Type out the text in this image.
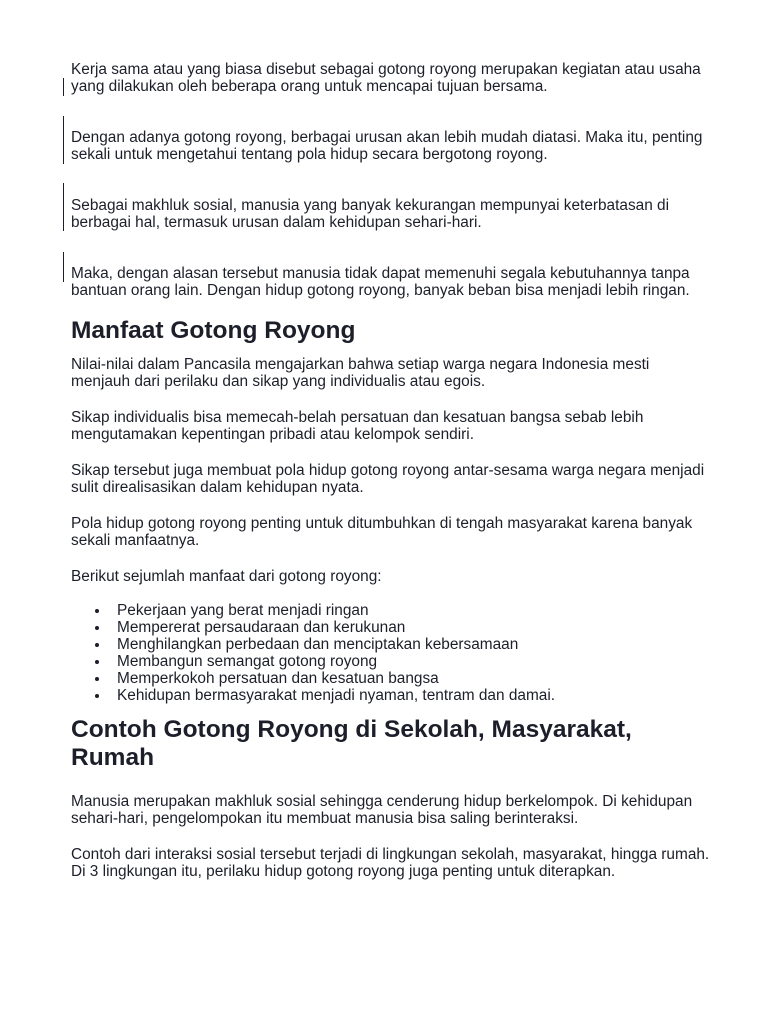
Kerja sama atau yang biasa disebut sebagai gotong royong merupakan kegiatan atau usaha yang dilakukan oleh beberapa orang untuk mencapai tujuan bersama.

Dengan adanya gotong royong, berbagai urusan akan lebih mudah diatasi. Maka itu, penting sekali untuk mengetahui tentang pola hidup secara bergotong royong.

Sebagai makhluk sosial, manusia yang banyak kekurangan mempunyai keterbatasan di berbagai hal, termasuk urusan dalam kehidupan sehari-hari.

Maka, dengan alasan tersebut manusia tidak dapat memenuhi segala kebutuhannya tanpa bantuan orang lain. Dengan hidup gotong royong, banyak beban bisa menjadi lebih ringan.

Manfaat Gotong Royong

Nilai-nilai dalam Pancasila mengajarkan bahwa setiap warga negara Indonesia mesti menjauh dari perilaku dan sikap yang individualis atau egois.

Sikap individualis bisa memecah-belah persatuan dan kesatuan bangsa sebab lebih mengutamakan kepentingan pribadi atau kelompok sendiri.

Sikap tersebut juga membuat pola hidup gotong royong antar-sesama warga negara menjadi sulit direalisasikan dalam kehidupan nyata.

Pola hidup gotong royong penting untuk ditumbuhkan di tengah masyarakat karena banyak sekali manfaatnya.

Berikut sejumlah manfaat dari gotong royong:

Pekerjaan yang berat menjadi ringan
Mempererat persaudaraan dan kerukunan
Menghilangkan perbedaan dan menciptakan kebersamaan
Membangun semangat gotong royong
Memperkokoh persatuan dan kesatuan bangsa
Kehidupan bermasyarakat menjadi nyaman, tentram dan damai.
Contoh Gotong Royong di Sekolah, Masyarakat, Rumah

Manusia merupakan makhluk sosial sehingga cenderung hidup berkelompok. Di kehidupan sehari-hari, pengelompokan itu membuat manusia bisa saling berinteraksi.

Contoh dari interaksi sosial tersebut terjadi di lingkungan sekolah, masyarakat, hingga rumah. Di 3 lingkungan itu, perilaku hidup gotong royong juga penting untuk diterapkan.
